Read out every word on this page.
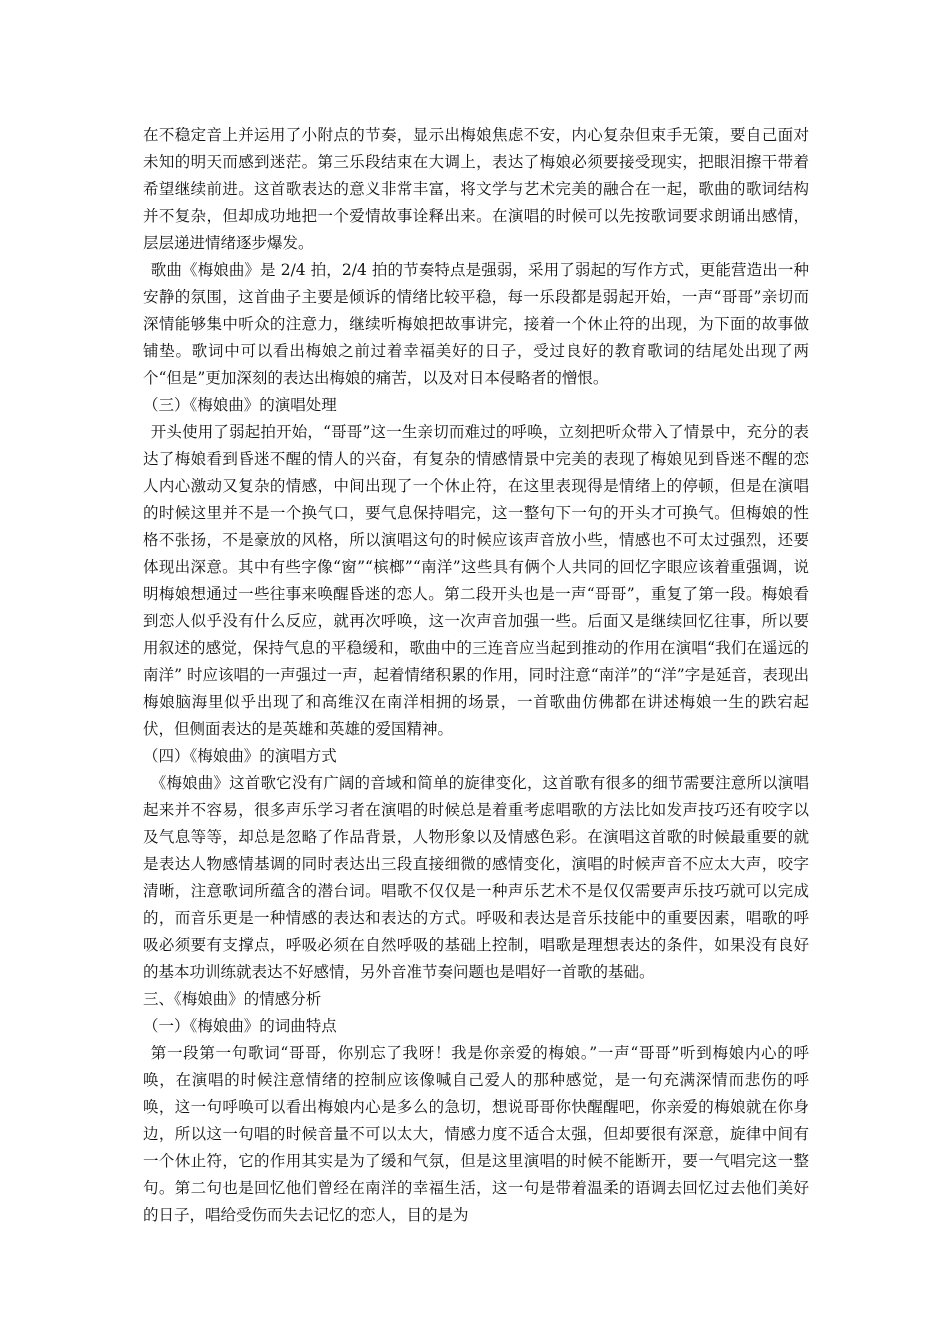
在不稳定音上并运用了小附点的节奏，显示出梅娘焦虑不安，内心复杂但束手无策，要自己面对未知的明天而感到迷茫。第三乐段结束在大调上，表达了梅娘必须要接受现实，把眼泪擦干带着希望继续前进。这首歌表达的意义非常丰富，将文学与艺术完美的融合在一起，歌曲的歌词结构并不复杂，但却成功地把一个爱情故事诠释出来。在演唱的时候可以先按歌词要求朗诵出感情，层层递进情绪逐步爆发。

歌曲《梅娘曲》是 2/4 拍，2/4 拍的节奏特点是强弱，采用了弱起的写作方式，更能营造出一种安静的氛围，这首曲子主要是倾诉的情绪比较平稳，每一乐段都是弱起开始，一声“哥哥”亲切而深情能够集中听众的注意力，继续听梅娘把故事讲完，接着一个休止符的出现，为下面的故事做铺垫。歌词中可以看出梅娘之前过着幸福美好的日子，受过良好的教育歌词的结尾处出现了两个“但是”更加深刻的表达出梅娘的痛苦，以及对日本侵略者的憎恨。

（三）《梅娘曲》的演唱处理

开头使用了弱起拍开始，“哥哥”这一生亲切而难过的呼唤，立刻把听众带入了情景中，充分的表达了梅娘看到昏迷不醒的情人的兴奋，有复杂的情感情景中完美的表现了梅娘见到昏迷不醒的恋人内心激动又复杂的情感，中间出现了一个休止符，在这里表现得是情绪上的停顿，但是在演唱的时候这里并不是一个换气口，要气息保持唱完，这一整句下一句的开头才可换气。但梅娘的性格不张扬，不是豪放的风格，所以演唱这句的时候应该声音放小些，情感也不可太过强烈，还要体现出深意。其中有些字像“窗”“槟榔”“南洋”这些具有俩个人共同的回忆字眼应该着重强调，说明梅娘想通过一些往事来唤醒昏迷的恋人。第二段开头也是一声“哥哥”，重复了第一段。梅娘看到恋人似乎没有什么反应，就再次呼唤，这一次声音加强一些。后面又是继续回忆往事，所以要用叙述的感觉，保持气息的平稳缓和，歌曲中的三连音应当起到推动的作用在演唱“我们在遥远的南洋” 时应该唱的一声强过一声，起着情绪积累的作用，同时注意“南洋”的“洋”字是延音，表现出梅娘脑海里似乎出现了和高维汉在南洋相拥的场景，一首歌曲仿佛都在讲述梅娘一生的跌宕起伏，但侧面表达的是英雄和英雄的爱国精神。

（四）《梅娘曲》的演唱方式

《梅娘曲》这首歌它没有广阔的音域和简单的旋律变化，这首歌有很多的细节需要注意所以演唱起来并不容易，很多声乐学习者在演唱的时候总是着重考虑唱歌的方法比如发声技巧还有咬字以及气息等等，却总是忽略了作品背景，人物形象以及情感色彩。在演唱这首歌的时候最重要的就是表达人物感情基调的同时表达出三段直接细微的感情变化，演唱的时候声音不应太大声，咬字清晰，注意歌词所蕴含的潜台词。唱歌不仅仅是一种声乐艺术不是仅仅需要声乐技巧就可以完成的，而音乐更是一种情感的表达和表达的方式。呼吸和表达是音乐技能中的重要因素，唱歌的呼吸必须要有支撑点，呼吸必须在自然呼吸的基础上控制，唱歌是理想表达的条件，如果没有良好的基本功训练就表达不好感情，另外音准节奏问题也是唱好一首歌的基础。

三、《梅娘曲》的情感分析

（一）《梅娘曲》的词曲特点

第一段第一句歌词“哥哥，你别忘了我呀！我是你亲爱的梅娘。”一声“哥哥”听到梅娘内心的呼唤，在演唱的时候注意情绪的控制应该像喊自己爱人的那种感觉，是一句充满深情而悲伤的呼唤，这一句呼唤可以看出梅娘内心是多么的急切，想说哥哥你快醒醒吧，你亲爱的梅娘就在你身边，所以这一句唱的时候音量不可以太大，情感力度不适合太强，但却要很有深意，旋律中间有一个休止符，它的作用其实是为了缓和气氛，但是这里演唱的时候不能断开，要一气唱完这一整句。第二句也是回忆他们曾经在南洋的幸福生活，这一句是带着温柔的语调去回忆过去他们美好的日子，唱给受伤而失去记忆的恋人，目的是为
